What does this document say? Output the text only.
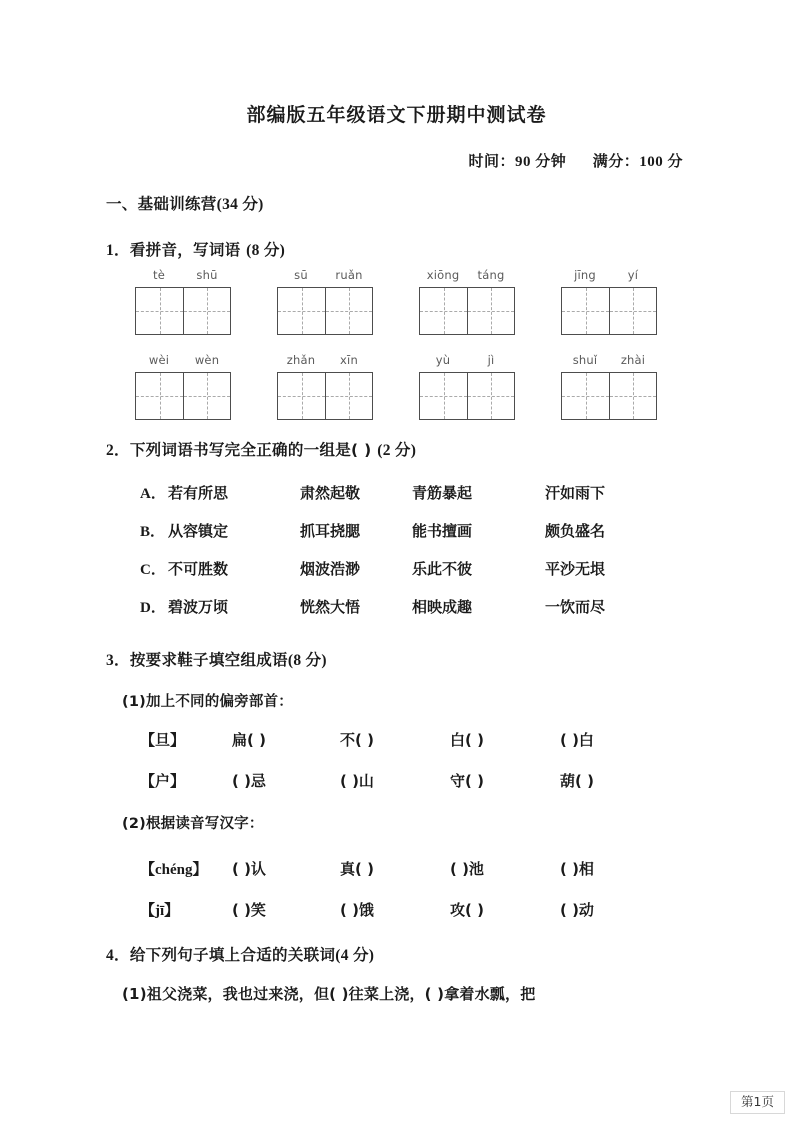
部编版五年级语文下册期中测试卷
时间：90 分钟 满分：100 分
一、基础训练营(34 分)
1．看拼音，写词语 (8 分)
tè	shū	sū	ruǎn	xiōng	táng	jīng	yí
wèi	wèn	zhǎn	xīn	yù	jì	shuǐ	zhài
2．下列词语书写完全正确的一组是( ) (2 分)
A． 若有所思	肃然起敬	青筋暴起	汗如雨下
B． 从容镇定	抓耳挠腮	能书擅画	颇负盛名
C． 不可胜数	烟波浩渺	乐此不彼	平沙无垠
D． 碧波万顷	恍然大悟	相映成趣	一饮而尽
3．按要求鞋子填空组成语(8 分)
(1)加上不同的偏旁部首：
【旦】	扁( )	不( )	白( )	( )白
【户】	( )忌	( )山	守( )	葫( )
(2)根据读音写汉字：
【chéng】 ( )认	真( )	( )池	( )相
【jī】	( )笑	( )饿	攻( )	( )动
4．给下列句子填上合适的关联词(4 分)
(1)祖父浇菜，我也过来浇，但( )往菜上浇，( )拿着水瓢，把
第1页
